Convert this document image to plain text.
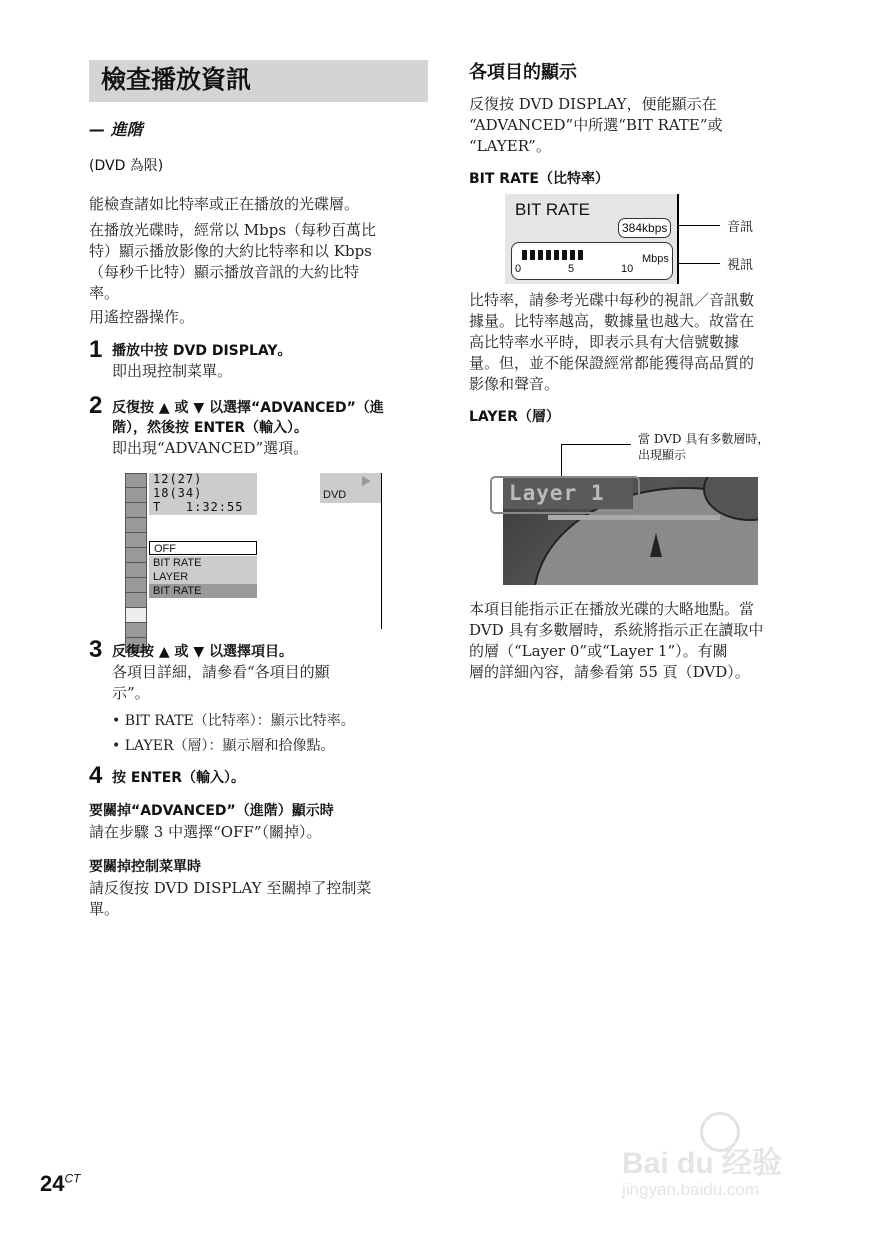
檢查播放資訊
— 進階
(DVD 為限)
能檢查諸如比特率或正在播放的光碟層。
在播放光碟時，經常以 Mbps（每秒百萬比
特）顯示播放影像的大約比特率和以 Kbps
（每秒千比特）顯示播放音訊的大約比特
率。
用遙控器操作。
1 播放中按 DVD DISPLAY。
即出現控制菜單。
2 反復按 ▲ 或 ▼ 以選擇“ADVANCED”（進
階），然後按 ENTER（輸入）。
即出現“ADVANCED”選項。
12(27)
18(34)
T   1:32:55
DVD
OFF
BIT RATE
LAYER
BIT RATE
3 反復按 ▲ 或 ▼ 以選擇項目。
各項目詳細，請參看“各項目的顯
示”。
• BIT RATE（比特率）：顯示比特率。
• LAYER（層）：顯示層和拾像點。
4 按 ENTER（輸入）。
要關掉“ADVANCED”（進階）顯示時
請在步驟 3 中選擇“OFF”（關掉）。
要關掉控制菜單時
請反復按 DVD DISPLAY 至關掉了控制菜
單。
$24^{CT}$
各項目的顯示
反復按 DVD DISPLAY，便能顯示在
“ADVANCED”中所選“BIT RATE”或
“LAYER”。
BIT RATE（比特率）
BIT RATE
384kbps
0	5	10
Mbps
音訊
視訊
比特率，請參考光碟中每秒的視訊／音訊數
據量。比特率越高，數據量也越大。故當在
高比特率水平時，即表示具有大信號數據
量。但，並不能保證經常都能獲得高品質的
影像和聲音。
LAYER（層）
當 DVD 具有多數層時，
出現顯示
Layer 1
本項目能指示正在播放光碟的大略地點。當
DVD 具有多數層時，系統將指示正在讀取中
的層（“Layer 0”或“Layer 1”）。有關
層的詳細內容，請參看第 55 頁（DVD）。
Bai du 经验
jingyan.baidu.com
